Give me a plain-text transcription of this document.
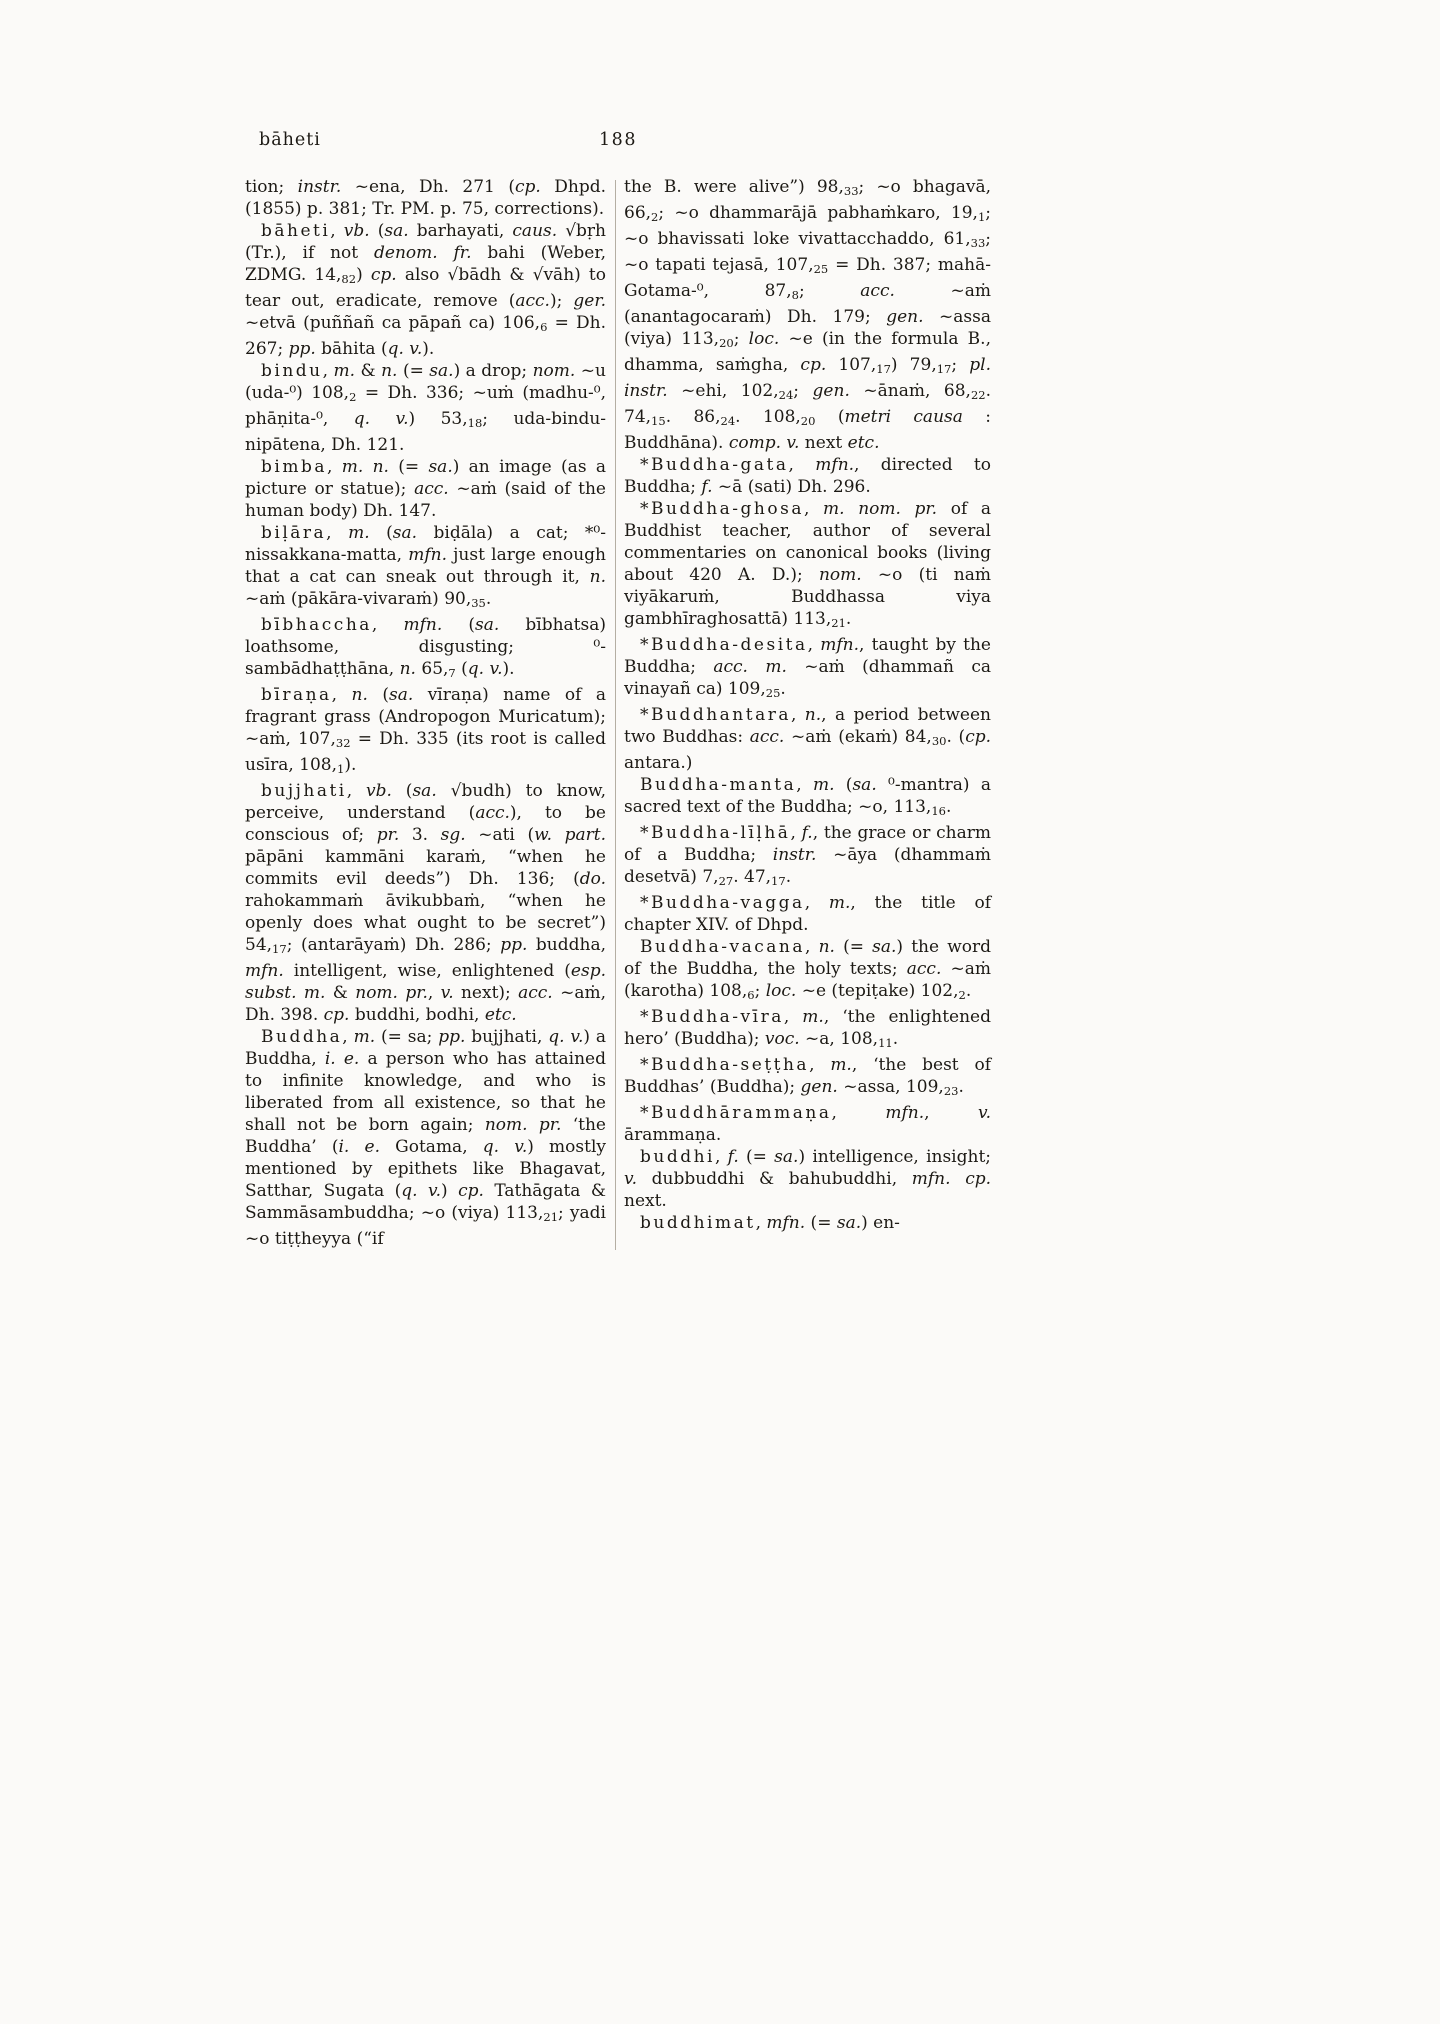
bāheti	188

tion; instr. ~ena, Dh. 271 (cp. Dhpd. (1855) p. 381; Tr. PM. p. 75, corrections).

bāheti, vb. (sa. barhayati, caus. √bṛh (Tr.), if not denom. fr. bahi (Weber, ZDMG. 14,82) cp. also √bādh & √vāh) to tear out, eradicate, remove (acc.); ger. ~etvā (puññañ ca pāpañ ca) 106,6 = Dh. 267; pp. bāhita (q. v.).

bindu, m. & n. (= sa.) a drop; nom. ~u (uda-⁰) 108,2 = Dh. 336; ~uṁ (madhu-⁰, phāṇita-⁰, q. v.) 53,18; uda-bindu-nipātena, Dh. 121.

bimba, m. n. (= sa.) an image (as a picture or statue); acc. ~aṁ (said of the human body) Dh. 147.

biḷāra, m. (sa. biḍāla) a cat; *⁰-nissakkana-matta, mfn. just large enough that a cat can sneak out through it, n. ~aṁ (pākāra-vivaraṁ) 90,35.

bībhaccha, mfn. (sa. bībhatsa) loathsome, disgusting; ⁰-sambādhaṭṭhāna, n. 65,7 (q. v.).

bīraṇa, n. (sa. vīraṇa) name of a fragrant grass (Andropogon Muricatum); ~aṁ, 107,32 = Dh. 335 (its root is called usīra, 108,1).

bujjhati, vb. (sa. √budh) to know, perceive, understand (acc.), to be conscious of; pr. 3. sg. ~ati (w. part. pāpāni kammāni karaṁ, “when he commits evil deeds”) Dh. 136; (do. rahokammaṁ āvikubbaṁ, “when he openly does what ought to be secret”) 54,17; (antarāyaṁ) Dh. 286; pp. buddha, mfn. intelligent, wise, enlightened (esp. subst. m. & nom. pr., v. next); acc. ~aṁ, Dh. 398. cp. buddhi, bodhi, etc.

Buddha, m. (= sa; pp. bujjhati, q. v.) a Buddha, i. e. a person who has attained to infinite knowledge, and who is liberated from all existence, so that he shall not be born again; nom. pr. ‘the Buddha’ (i. e. Gotama, q. v.) mostly mentioned by epithets like Bhagavat, Satthar, Sugata (q. v.) cp. Tathāgata & Sammāsambuddha; ~o (viya) 113,21; yadi ~o tiṭṭheyya (“if

the B. were alive”) 98,33; ~o bhagavā, 66,2; ~o dhammarājā pabhaṁkaro, 19,1; ~o bhavissati loke vivattacchaddo, 61,33; ~o tapati tejasā, 107,25 = Dh. 387; mahā-Gotama-⁰, 87,8; acc. ~aṁ (anantagocaraṁ) Dh. 179; gen. ~assa (viya) 113,20; loc. ~e (in the formula B., dhamma, saṁgha, cp. 107,17) 79,17; pl. instr. ~ehi, 102,24; gen. ~ānaṁ, 68,22. 74,15. 86,24. 108,20 (metri causa : Buddhāna). comp. v. next etc.

*Buddha-gata, mfn., directed to Buddha; f. ~ā (sati) Dh. 296.

*Buddha-ghosa, m. nom. pr. of a Buddhist teacher, author of several commentaries on canonical books (living about 420 A. D.); nom. ~o (ti naṁ viyākaruṁ, Buddhassa viya gambhīraghosattā) 113,21.

*Buddha-desita, mfn., taught by the Buddha; acc. m. ~aṁ (dhammañ ca vinayañ ca) 109,25.

*Buddhantara, n., a period between two Buddhas: acc. ~aṁ (ekaṁ) 84,30. (cp. antara.)

Buddha-manta, m. (sa. ⁰-mantra) a sacred text of the Buddha; ~o, 113,16.

*Buddha-līḷhā, f., the grace or charm of a Buddha; instr. ~āya (dhammaṁ desetvā) 7,27. 47,17.

*Buddha-vagga, m., the title of chapter XIV. of Dhpd.

Buddha-vacana, n. (= sa.) the word of the Buddha, the holy texts; acc. ~aṁ (karotha) 108,6; loc. ~e (tepiṭake) 102,2.

*Buddha-vīra, m., ‘the enlightened hero’ (Buddha); voc. ~a, 108,11.

*Buddha-seṭṭha, m., ‘the best of Buddhas’ (Buddha); gen. ~assa, 109,23.

*Buddhārammaṇa, mfn., v. ārammaṇa.

buddhi, f. (= sa.) intelligence, insight; v. dubbuddhi & bahubuddhi, mfn. cp. next.

buddhimat, mfn. (= sa.) en-
